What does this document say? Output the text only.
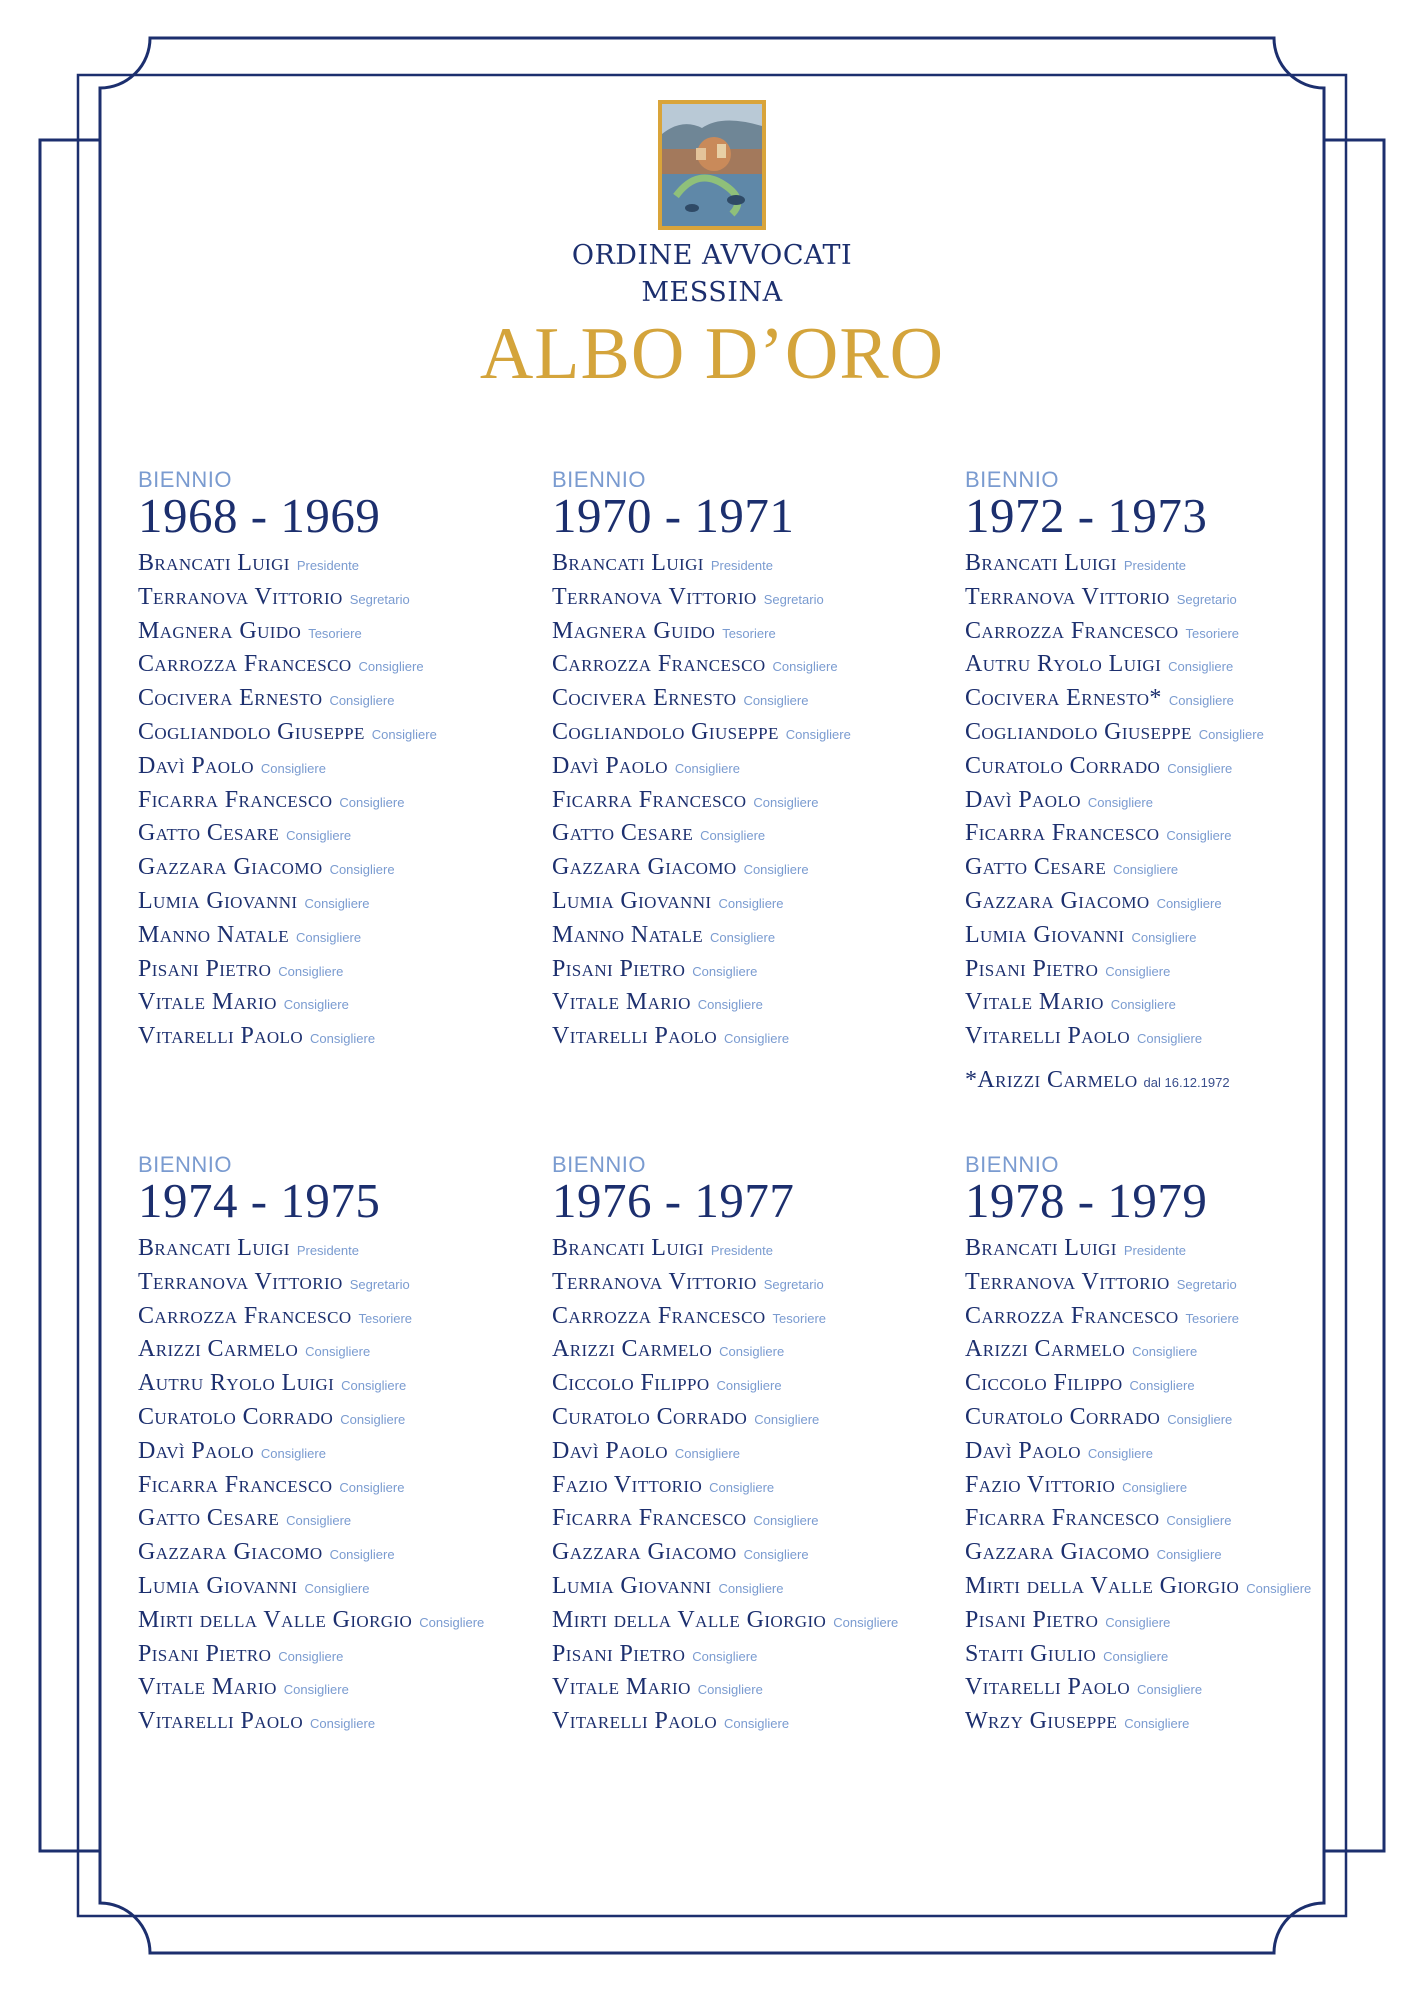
ORDINE AVVOCATI
MESSINA
ALBO D’ORO
BIENNIO
1968 - 1969
Brancati Luigi Presidente
Terranova Vittorio Segretario
Magnera Guido Tesoriere
Carrozza Francesco Consigliere
Cocivera Ernesto Consigliere
Cogliandolo Giuseppe Consigliere
Davì Paolo Consigliere
Ficarra Francesco Consigliere
Gatto Cesare Consigliere
Gazzara Giacomo Consigliere
Lumia Giovanni Consigliere
Manno Natale Consigliere
Pisani Pietro Consigliere
Vitale Mario Consigliere
Vitarelli Paolo Consigliere
BIENNIO
1970 - 1971
Brancati Luigi Presidente
Terranova Vittorio Segretario
Magnera Guido Tesoriere
Carrozza Francesco Consigliere
Cocivera Ernesto Consigliere
Cogliandolo Giuseppe Consigliere
Davì Paolo Consigliere
Ficarra Francesco Consigliere
Gatto Cesare Consigliere
Gazzara Giacomo Consigliere
Lumia Giovanni Consigliere
Manno Natale Consigliere
Pisani Pietro Consigliere
Vitale Mario Consigliere
Vitarelli Paolo Consigliere
BIENNIO
1972 - 1973
Brancati Luigi Presidente
Terranova Vittorio Segretario
Carrozza Francesco Tesoriere
Autru Ryolo Luigi Consigliere
Cocivera Ernesto* Consigliere
Cogliandolo Giuseppe Consigliere
Curatolo Corrado Consigliere
Davì Paolo Consigliere
Ficarra Francesco Consigliere
Gatto Cesare Consigliere
Gazzara Giacomo Consigliere
Lumia Giovanni Consigliere
Pisani Pietro Consigliere
Vitale Mario Consigliere
Vitarelli Paolo Consigliere
*Arizzi Carmelo dal 16.12.1972
BIENNIO
1974 - 1975
Brancati Luigi Presidente
Terranova Vittorio Segretario
Carrozza Francesco Tesoriere
Arizzi Carmelo Consigliere
Autru Ryolo Luigi Consigliere
Curatolo Corrado Consigliere
Davì Paolo Consigliere
Ficarra Francesco Consigliere
Gatto Cesare Consigliere
Gazzara Giacomo Consigliere
Lumia Giovanni Consigliere
Mirti della Valle Giorgio Consigliere
Pisani Pietro Consigliere
Vitale Mario Consigliere
Vitarelli Paolo Consigliere
BIENNIO
1976 - 1977
Brancati Luigi Presidente
Terranova Vittorio Segretario
Carrozza Francesco Tesoriere
Arizzi Carmelo Consigliere
Ciccolo Filippo Consigliere
Curatolo Corrado Consigliere
Davì Paolo Consigliere
Fazio Vittorio Consigliere
Ficarra Francesco Consigliere
Gazzara Giacomo Consigliere
Lumia Giovanni Consigliere
Mirti della Valle Giorgio Consigliere
Pisani Pietro Consigliere
Vitale Mario Consigliere
Vitarelli Paolo Consigliere
BIENNIO
1978 - 1979
Brancati Luigi Presidente
Terranova Vittorio Segretario
Carrozza Francesco Tesoriere
Arizzi Carmelo Consigliere
Ciccolo Filippo Consigliere
Curatolo Corrado Consigliere
Davì Paolo Consigliere
Fazio Vittorio Consigliere
Ficarra Francesco Consigliere
Gazzara Giacomo Consigliere
Mirti della Valle Giorgio Consigliere
Pisani Pietro Consigliere
Staiti Giulio Consigliere
Vitarelli Paolo Consigliere
Wrzy Giuseppe Consigliere
